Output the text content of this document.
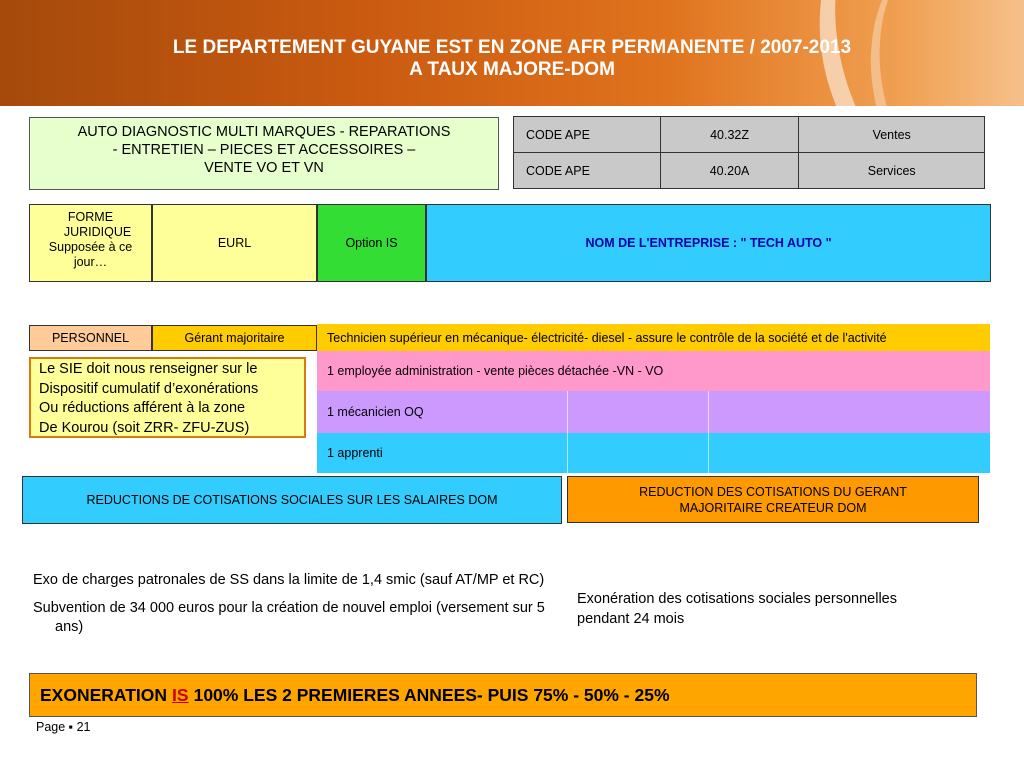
LE DEPARTEMENT GUYANE EST EN ZONE AFR PERMANENTE / 2007-2013
A TAUX MAJORE-DOM
AUTO DIAGNOSTIC MULTI MARQUES - REPARATIONS
- ENTRETIEN – PIECES ET ACCESSOIRES –
VENTE VO ET VN
CODE APE	40.32Z	Ventes
CODE APE	40.20A	Services
FORME
JURIDIQUE
Supposée à ce
jour…
EURL	Option IS	NOM DE L'ENTREPRISE : " TECH AUTO "
PERSONNEL	Gérant majoritaire	Technicien supérieur en mécanique- électricité- diesel - assure le contrôle de la société et de l'activité
1 employée administration - vente pièces détachée -VN - VO
1 mécanicien OQ
1 apprenti
Le SIE doit nous renseigner sur le
Dispositif cumulatif d’exonérations
Ou réductions afférent à la zone
De Kourou (soit ZRR- ZFU-ZUS)
REDUCTIONS DE COTISATIONS SOCIALES SUR LES SALAIRES DOM
REDUCTION DES COTISATIONS DU GERANT MAJORITAIRE CREATEUR DOM
Exo de charges patronales de SS dans la limite de 1,4 smic (sauf AT/MP et RC)
Subvention de 34 000 euros pour la création de nouvel emploi (versement sur 5 ans)
Exonération des cotisations sociales personnelles pendant 24 mois
EXONERATION IS 100% LES 2 PREMIERES ANNEES- PUIS 75% - 50% - 25%
Page ▪ 21
